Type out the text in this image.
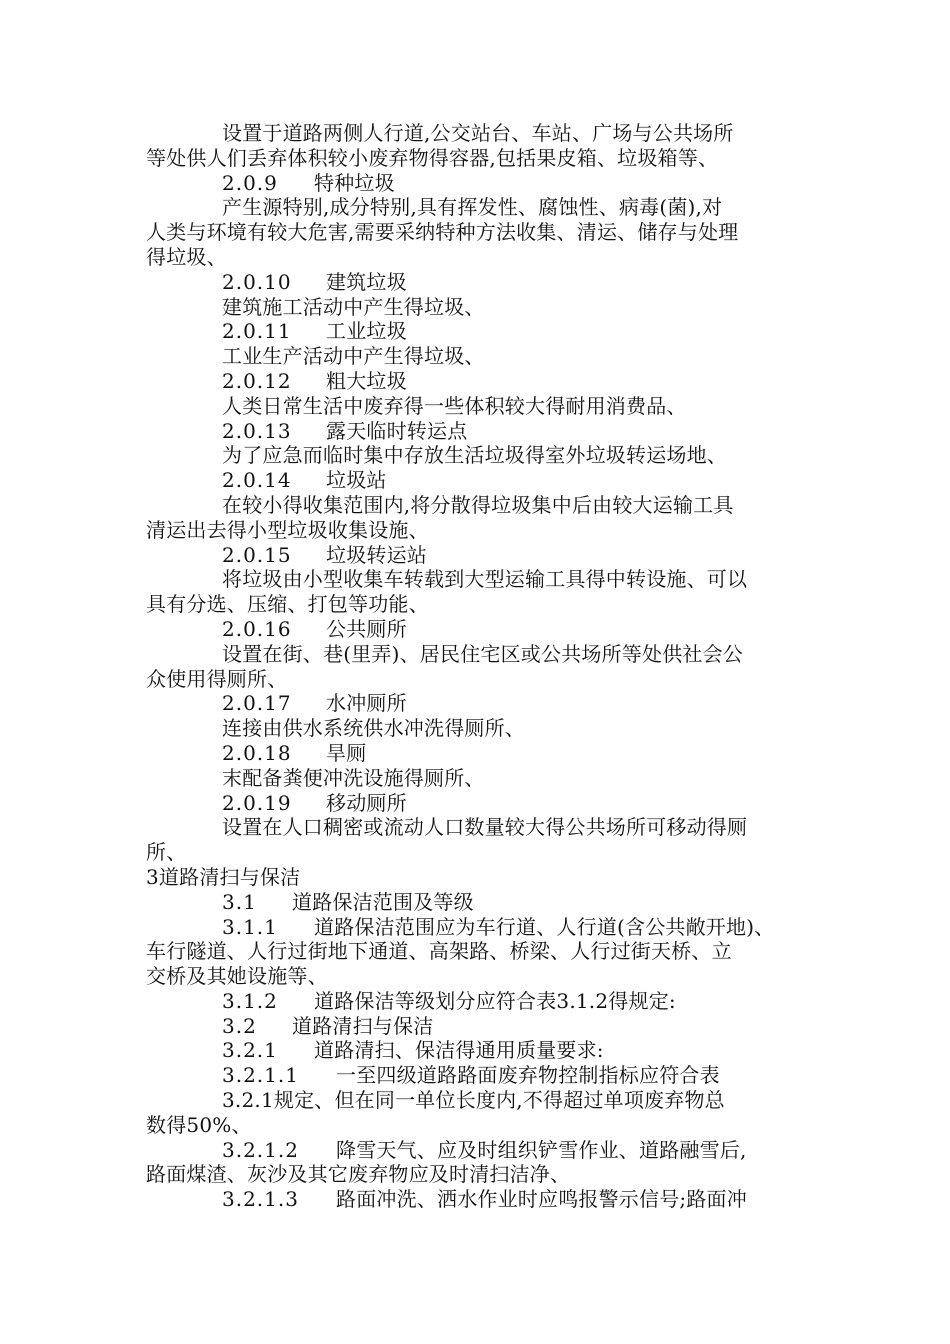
设置于道路两侧人行道,公交站台、车站、广场与公共场所
等处供人们丢弃体积较小废弃物得容器,包括果皮箱、垃圾箱等、
2.0.9 特种垃圾
产生源特别,成分特别,具有挥发性、腐蚀性、病毒(菌),对
人类与环境有较大危害,需要采纳特种方法收集、清运、储存与处理
得垃圾、
2.0.10 建筑垃圾
建筑施工活动中产生得垃圾、
2.0.11 工业垃圾
工业生产活动中产生得垃圾、
2.0.12 粗大垃圾
人类日常生活中废弃得一些体积较大得耐用消费品、
2.0.13 露天临时转运点
为了应急而临时集中存放生活垃圾得室外垃圾转运场地、
2.0.14 垃圾站
在较小得收集范围内,将分散得垃圾集中后由较大运输工具
清运出去得小型垃圾收集设施、
2.0.15 垃圾转运站
将垃圾由小型收集车转载到大型运输工具得中转设施、可以
具有分选、压缩、打包等功能、
2.0.16 公共厕所
设置在街、巷(里弄)、居民住宅区或公共场所等处供社会公
众使用得厕所、
2.0.17 水冲厕所
连接由供水系统供水冲洗得厕所、
2.0.18 旱厕
末配备粪便冲洗设施得厕所、
2.0.19 移动厕所
设置在人口稠密或流动人口数量较大得公共场所可移动得厕
所、
3道路清扫与保洁
3.1 道路保洁范围及等级
3.1.1 道路保洁范围应为车行道、人行道(含公共敞开地)、
车行隧道、人行过街地下通道、高架路、桥梁、人行过街天桥、立
交桥及其她设施等、
3.1.2 道路保洁等级划分应符合表3.1.2得规定:
3.2 道路清扫与保洁
3.2.1 道路清扫、保洁得通用质量要求:
3.2.1.1 一至四级道路路面废弃物控制指标应符合表
3.2.1规定、但在同一单位长度内,不得超过单项废弃物总
数得50%、
3.2.1.2 降雪天气、应及时组织铲雪作业、道路融雪后,
路面煤渣、灰沙及其它废弃物应及时清扫洁净、
3.2.1.3 路面冲洗、洒水作业时应鸣报警示信号;路面冲
